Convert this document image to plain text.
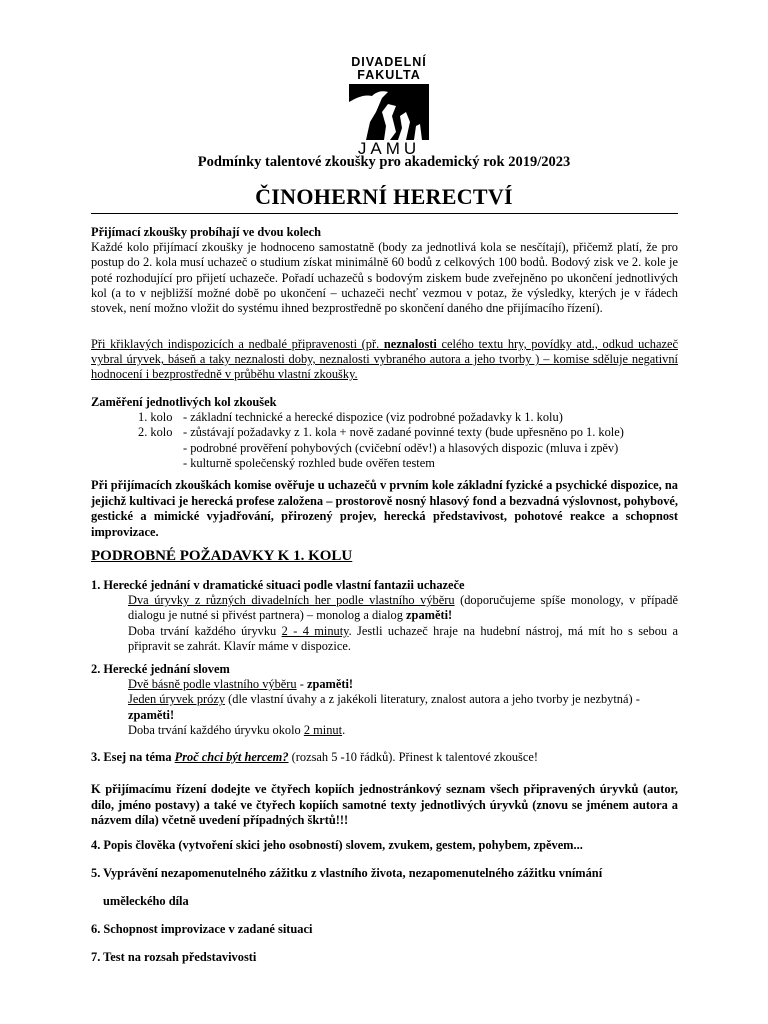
DIVADELNÍ
FAKULTA
JAMU
Podmínky talentové zkoušky pro akademický rok 2019/2023
ČINOHERNÍ HERECTVÍ
Přijímací zkoušky probíhají ve dvou kolech
Každé kolo přijímací zkoušky je hodnoceno samostatně (body za jednotlivá kola se nesčítají), přičemž platí, že pro postup do 2. kola musí uchazeč o studium získat minimálně 60 bodů z celkových 100 bodů. Bodový zisk ve 2. kole je poté rozhodující pro přijetí uchazeče. Pořadí uchazečů s bodovým ziskem bude zveřejněno po ukončení jednotlivých kol (a to v nejbližší možné době po ukončení – uchazeči nechť vezmou v potaz, že výsledky, kterých je v řádech stovek, není možno vložit do systému ihned bezprostředně po skončení daného dne přijímacího řízení).
Při křiklavých indispozicích a nedbalé připravenosti (př. neznalosti celého textu hry, povídky atd., odkud uchazeč vybral úryvek, báseň a taky neznalosti doby, neznalosti vybraného autora a jeho tvorby ) – komise sděluje negativní hodnocení i bezprostředně v průběhu vlastní zkoušky.
Zaměření jednotlivých kol zkoušek
1. kolo - základní technické a herecké dispozice (viz podrobné požadavky k 1. kolu)
2. kolo - zůstávají požadavky z 1. kola + nově zadané povinné texty (bude upřesněno po 1. kole)
- podrobné prověření pohybových (cvičební oděv!) a hlasových dispozic (mluva i zpěv)
- kulturně společenský rozhled bude ověřen testem
Při přijímacích zkouškách komise ověřuje u uchazečů v prvním kole základní fyzické a psychické dispozice, na jejichž kultivaci je herecká profese založena – prostorově nosný hlasový fond a bezvadná výslovnost, pohybové, gestické a mimické vyjadřování, přirozený projev, herecká představivost, pohotové reakce a schopnost improvizace.
PODROBNÉ POŽADAVKY K 1. KOLU
1. Herecké jednání v dramatické situaci podle vlastní fantazii uchazeče
Dva úryvky z různých divadelních her podle vlastního výběru (doporučujeme spíše monology, v případě dialogu je nutné si přivést partnera) – monolog a dialog zpaměti!
Doba trvání každého úryvku 2 - 4 minuty. Jestli uchazeč hraje na hudební nástroj, má mít ho s sebou a připravit se zahrát. Klavír máme v dispozice.
2. Herecké jednání slovem
Dvě básně podle vlastního výběru - zpaměti!
Jeden úryvek prózy (dle vlastní úvahy a z jakékoli literatury, znalost autora a jeho tvorby je nezbytná) - zpaměti!
Doba trvání každého úryvku okolo 2 minut.
3. Esej na téma Proč chci být hercem? (rozsah 5 -10 řádků). Přinest k talentové zkoušce!
K přijímacímu řízení dodejte ve čtyřech kopiích jednostránkový seznam všech připravených úryvků (autor, dílo, jméno postavy) a také ve čtyřech kopiích samotné texty jednotlivých úryvků (znovu se jménem autora a názvem díla) včetně uvedení případných škrtů!!!
4. Popis člověka (vytvoření skici jeho osobností) slovem, zvukem, gestem, pohybem, zpěvem...
5. Vyprávění nezapomenutelného zážitku z vlastního života, nezapomenutelného zážitku vnímání
uměleckého díla
6. Schopnost improvizace v zadané situaci
7. Test na rozsah představivosti
